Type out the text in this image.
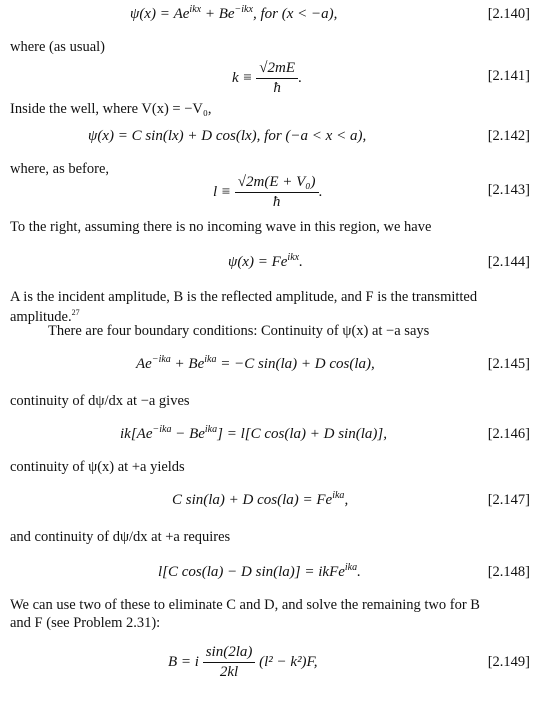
$\psi(x) = Ae^{ikx} + Be^{-ikx}$, for (x < −a),	[2.140]
where (as usual)
$k \equiv \frac{√2mE}{ħ}$ .	[2.141]
Inside the well, where V(x) = −V₀,
ψ(x) = C sin(lx) + D cos(lx), for (−a < x < a),	[2.142]
where, as before,
$l \equiv \frac{\text{√2m(E + V₀)}}{ħ}$ .	[2.143]
To the right, assuming there is no incoming wave in this region, we have
$\psi(x) = Fe^{ikx}$.	[2.144]
A is the incident amplitude, B is the reflected amplitude, and F is the transmitted
amplitude.$^{27}$
There are four boundary conditions: Continuity of ψ(x) at −a says
$Ae^{-ika} + Be^{ika} = -C$ sin(la) + D cos(la),	[2.145]
continuity of dψ/dx at −a gives
$ik[Ae^{-ika} - Be^{ika}] = l[C$ cos(la) + D sin(la)],	[2.146]
continuity of ψ(x) at +a yields
C sin(la) + D $\cos(la) = Fe^{ika}$,	[2.147]
and continuity of dψ/dx at +a requires
l[C cos(la) − D sin(la)] = ikFe$^{ika}$.	[2.148]
We can use two of these to eliminate C and D, and solve the remaining two for B
and F (see Problem 2.31):
B = i $\frac{\sin(2la)}{2kl} (l^2 - k^2)F$,	[2.149]
